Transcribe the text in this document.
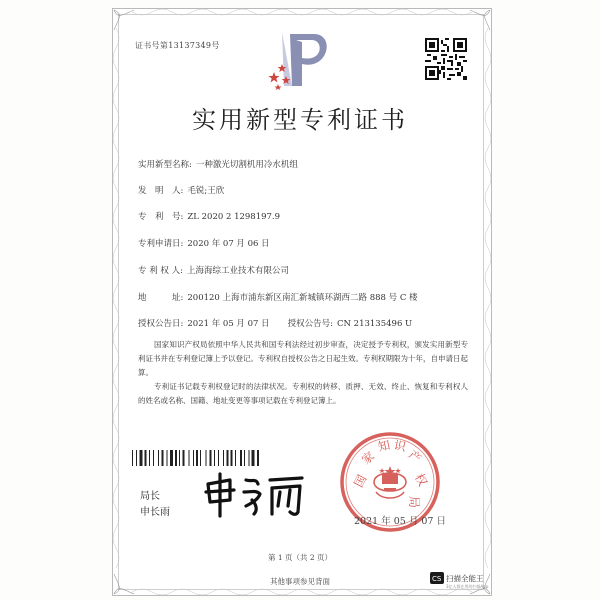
证书号第13137349号
实用新型专利证书
实用新型名称: 一种激光切割机用冷水机组
发　明　人: 毛锐;王欣
专　利　号: ZL 2020 2 1298197.9
专利申请日: 2020 年 07 月 06 日
专 利 权 人: 上海海综工业技术有限公司
地　　　址: 200120 上海市浦东新区南汇新城镇环湖西二路 888 号 C 楼
授权公告日: 2021 年 05 月 07 日 授权公告号: CN 213135496 U
国家知识产权局依照中华人民共和国专利法经过初步审查，决定授予专利权，颁发实用新型专利证书并在专利登记簿上予以登记。专利权自授权公告之日起生效。专利权期限为十年，自申请日起算。
专利证书记载专利权登记时的法律状况。专利权的转移、质押、无效、终止、恢复和专利权人的姓名或名称、国籍、地址变更等事项记载在专利登记簿上。
局长
申长雨
国
家
知 识
产
权
局
2021 年 05 月 07 日
第 1 页（共 2 页）
其他事项参见背面	CS 扫描全能王
3亿人都在用的扫描App
